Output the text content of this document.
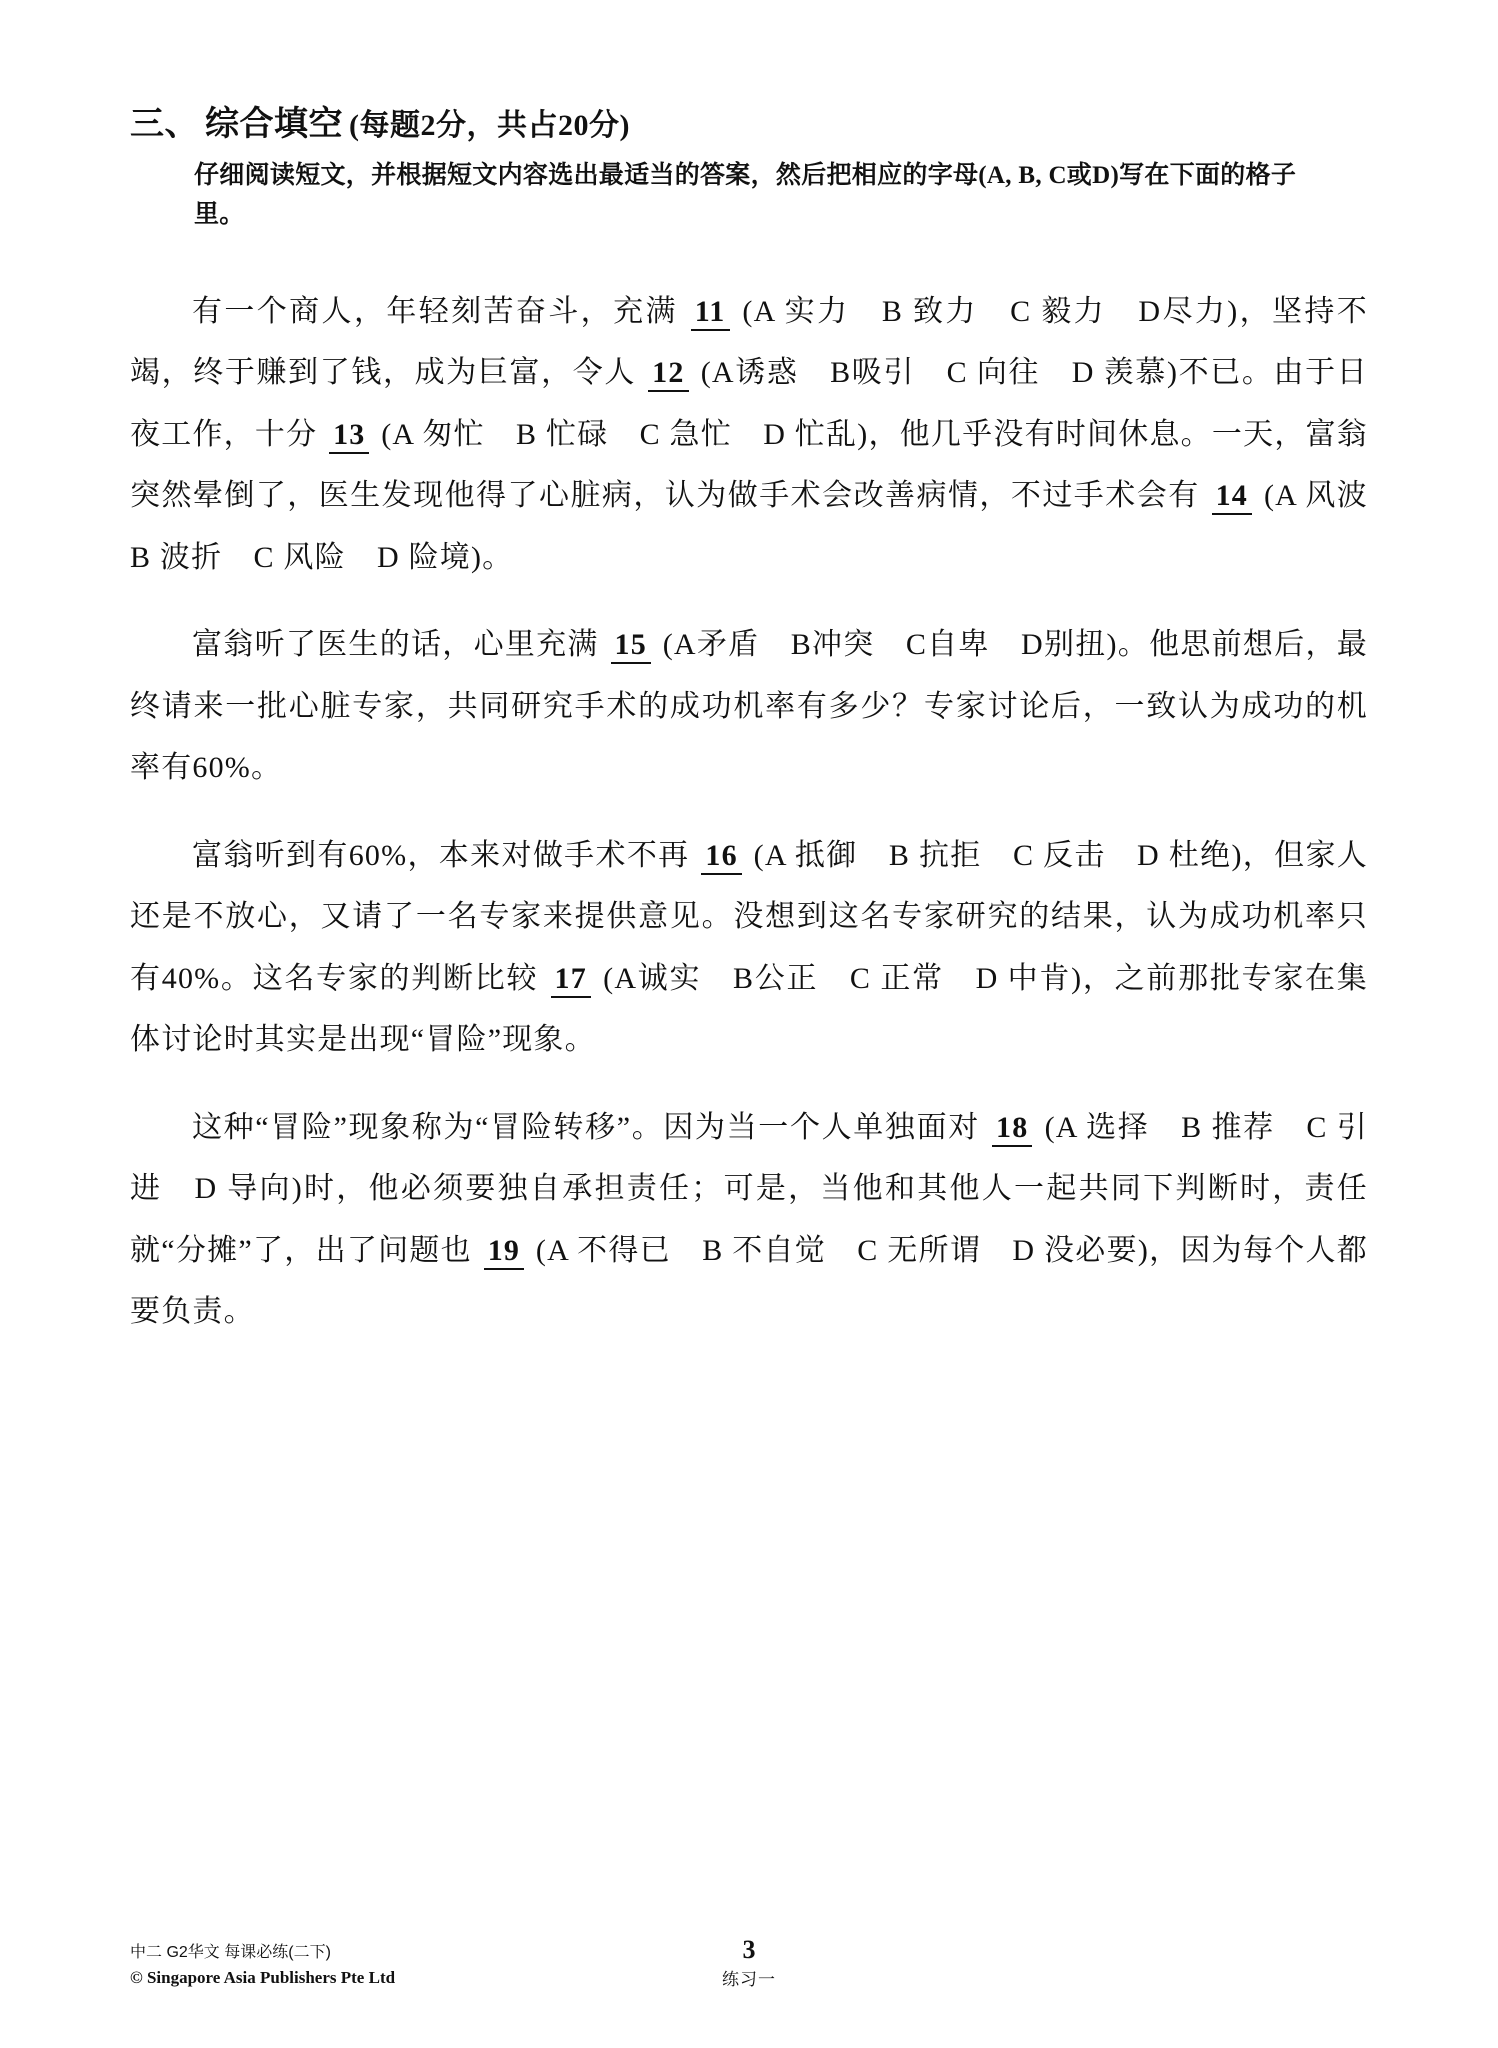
三、 综合填空 (每题2分，共占20分)
仔细阅读短文，并根据短文内容选出最适当的答案，然后把相应的字母(A, B, C或D)写在下面的格子里。

有一个商人，年轻刻苦奋斗，充满 11 (A 实力　B 致力　C 毅力　D尽力)，坚持不竭，终于赚到了钱，成为巨富，令人 12 (A诱惑　B吸引　C 向往　D 羡慕)不已。由于日夜工作，十分 13 (A 匆忙　B 忙碌　C 急忙　D 忙乱)，他几乎没有时间休息。一天，富翁突然晕倒了，医生发现他得了心脏病，认为做手术会改善病情，不过手术会有 14 (A 风波　B 波折　C 风险　D 险境)。

富翁听了医生的话，心里充满 15 (A矛盾　B冲突　C自卑　D别扭)。他思前想后，最终请来一批心脏专家，共同研究手术的成功机率有多少？专家讨论后，一致认为成功的机率有60%。

富翁听到有60%，本来对做手术不再 16 (A 抵御　B 抗拒　C 反击　D 杜绝)，但家人还是不放心，又请了一名专家来提供意见。没想到这名专家研究的结果，认为成功机率只有40%。这名专家的判断比较 17 (A诚实　B公正　C 正常　D 中肯)，之前那批专家在集体讨论时其实是出现“冒险”现象。

这种“冒险”现象称为“冒险转移”。因为当一个人单独面对 18 (A 选择　B 推荐　C 引进　D 导向)时，他必须要独自承担责任；可是，当他和其他人一起共同下判断时，责任就“分摊”了，出了问题也 19 (A 不得已　B 不自觉　C 无所谓　D 没必要)，因为每个人都要负责。

中二 G2华文 每课必练(二下)
© Singapore Asia Publishers Pte Ltd
3
练习一
